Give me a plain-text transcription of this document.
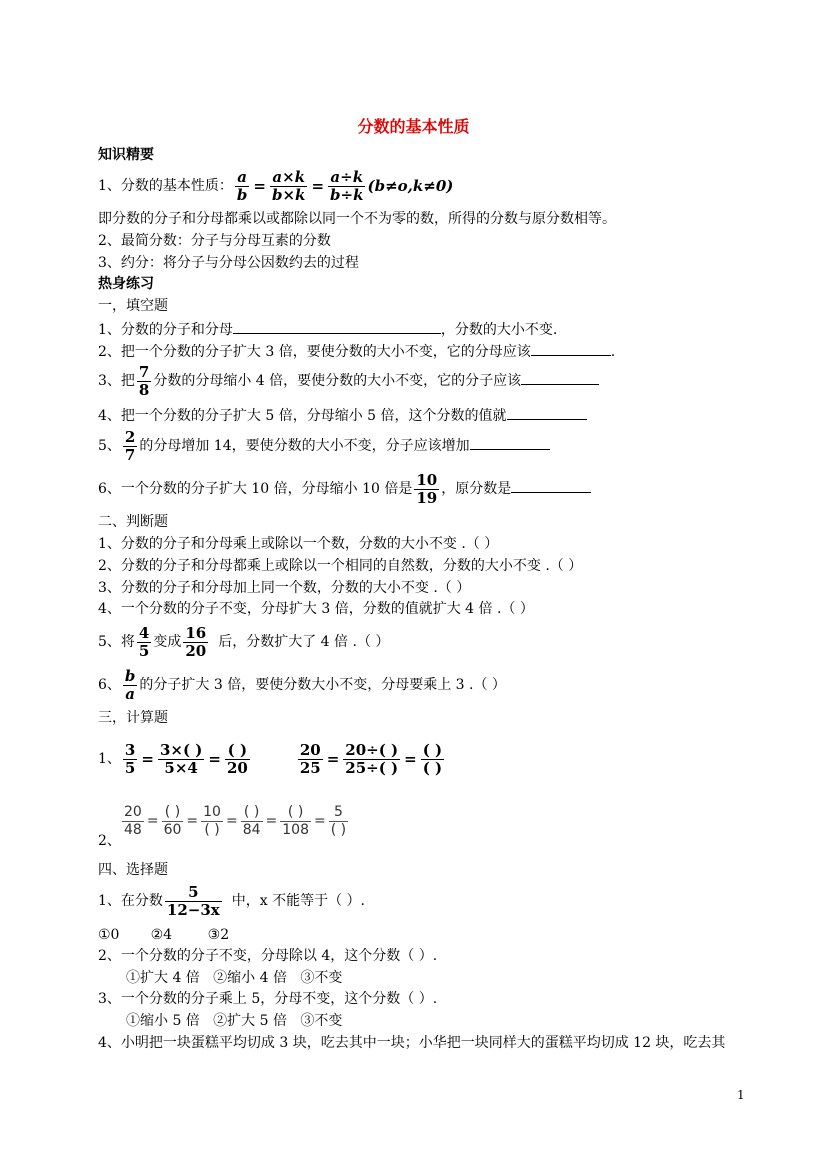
分数的基本性质
知识精要
1、分数的基本性质： $\frac{a}{b} = \frac{a\times k}{b\times k} = \frac{a\div k}{b\div k} (b\ne o,k\ne 0)$
即分数的分子和分母都乘以或都除以同一个不为零的数，所得的分数与原分数相等。
2、最简分数：分子与分母互素的分数
3、约分：将分子与分母公因数约去的过程
热身练习
一，填空题
1、分数的分子和分母	，分数的大小不变.
2、把一个分数的分子扩大 3 倍，要使分数的大小不变，它的分母应该	.
3、把 $\frac{7}{8}$ 分数的分母缩小 4 倍，要使分数的大小不变，它的分子应该
4、把一个分数的分子扩大 5 倍，分母缩小 5 倍，这个分数的值就
5、 $\frac{2}{7}$ 的分母增加 14，要使分数的大小不变，分子应该增加
6、一个分数的分子扩大 10 倍，分母缩小 10 倍是 $\frac{10}{19}$ ，原分数是
二、判断题
1、分数的分子和分母乘上或除以一个数，分数的大小不变 .（ ）
2、分数的分子和分母都乘上或除以一个相同的自然数，分数的大小不变 .（ ）
3、分数的分子和分母加上同一个数，分数的大小不变 .（ ）
4、一个分数的分子不变，分母扩大 3 倍，分数的值就扩大 4 倍 .（ ）
5、将 $\frac{4}{5}$ 变成 $\frac{16}{20}$ 后，分数扩大了 4 倍 .（ ）
6、 $\frac{b}{a}$ 的分子扩大 3 倍，要使分数大小不变，分母要乘上 3 .（ ）
三，计算题
1、 $\frac{3}{5} = \frac{3\times( )}{5\times 4} = \frac{( )}{20}$	$\frac{20}{25} = \frac{20\div( )}{25\div( )} = \frac{( )}{( )}$
$\frac{20}{48} = \frac{( )}{60} = \frac{10}{( )} = \frac{( )}{84} = \frac{( )}{108} = \frac{5}{( )}$
2、
四、选择题
1、在分数 $\frac{5}{12-3x}$ 中，x 不能等于（ ）.
①0       ②4        ③2
2、一个分数的分子不变，分母除以 4，这个分数（ ）.
①扩大 4 倍   ②缩小 4 倍   ③不变
3、一个分数的分子乘上 5，分母不变，这个分数（ ）.
①缩小 5 倍   ②扩大 5 倍   ③不变
4、小明把一块蛋糕平均切成 3 块，吃去其中一块；小华把一块同样大的蛋糕平均切成 12 块，吃去其
1
